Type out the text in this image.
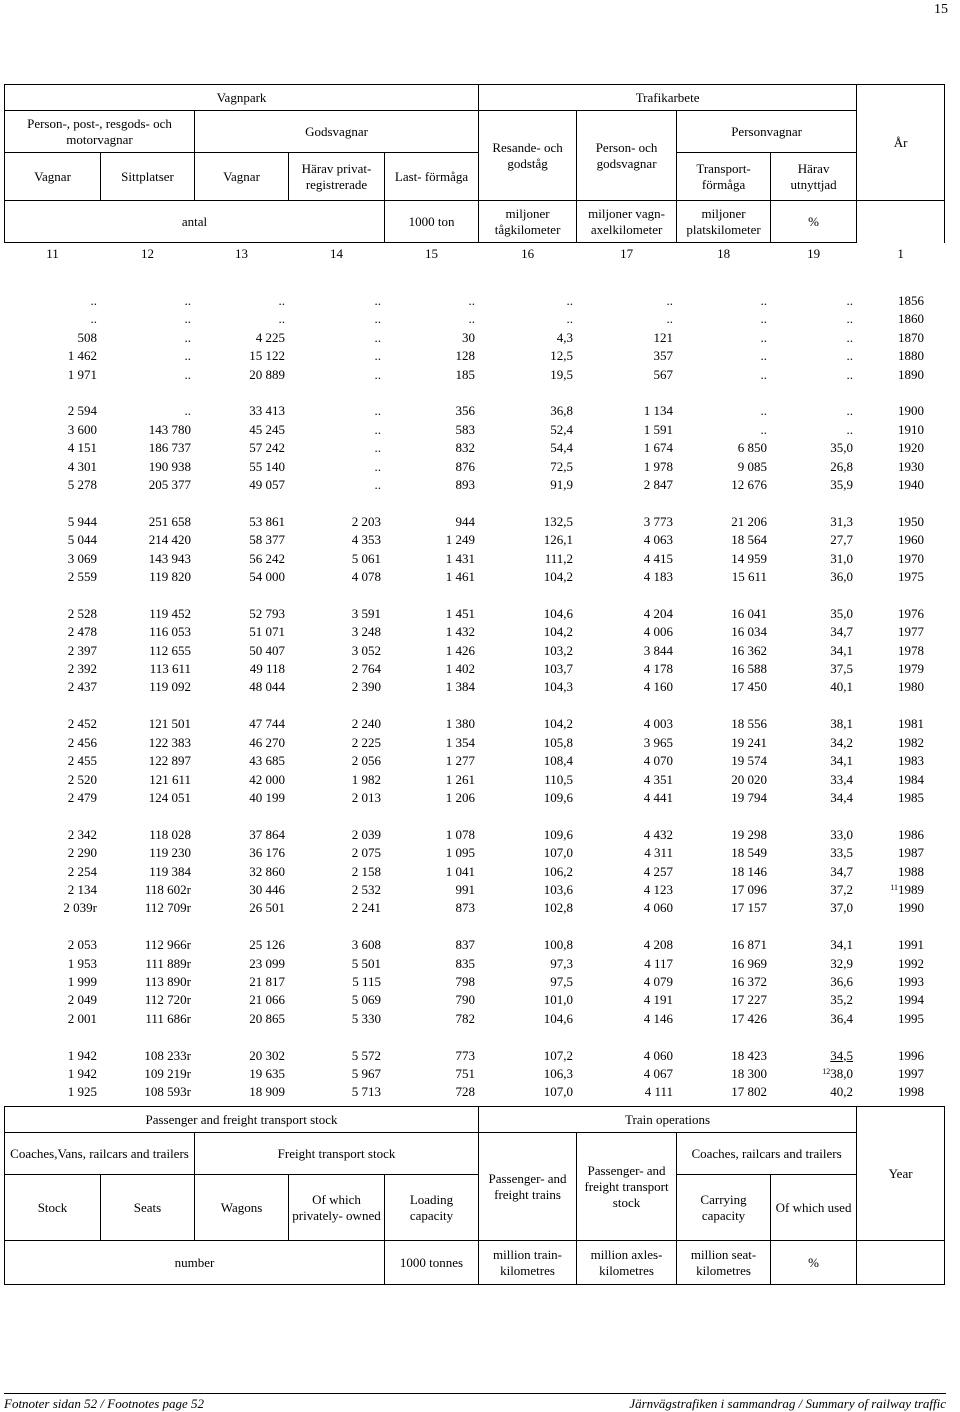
15
Vagnpark					Trafikarbete				År
Person-, post-, resgods- och motorvagnar		Godsvagnar			Resande- och godståg	Person- och godsvagnar	Personvagnar		
Vagnar	Sittplatser	Vagnar	Härav privat- registrerade	Last- förmåga			Transport- förmåga	Härav utnyttjad	
antal				1000 ton	miljoner tågkilometer	miljoner vagn- axelkilometer	miljoner platskilometer	%	
11	12	13	14	15	16	17	18	19	1
..	..	..	..	..	..	..	..	..	1856
..	..	..	..	..	..	..	..	..	1860
508	..	4 225	..	30	4,3	121	..	..	1870
1 462	..	15 122	..	128	12,5	357	..	..	1880
1 971	..	20 889	..	185	19,5	567	..	..	1890

2 594	..	33 413	..	356	36,8	1 134	..	..	1900
3 600	143 780	45 245	..	583	52,4	1 591	..	..	1910
4 151	186 737	57 242	..	832	54,4	1 674	6 850	35,0	1920
4 301	190 938	55 140	..	876	72,5	1 978	9 085	26,8	1930
5 278	205 377	49 057	..	893	91,9	2 847	12 676	35,9	1940

5 944	251 658	53 861	2 203	944	132,5	3 773	21 206	31,3	1950
5 044	214 420	58 377	4 353	1 249	126,1	4 063	18 564	27,7	1960
3 069	143 943	56 242	5 061	1 431	111,2	4 415	14 959	31,0	1970
2 559	119 820	54 000	4 078	1 461	104,2	4 183	15 611	36,0	1975

2 528	119 452	52 793	3 591	1 451	104,6	4 204	16 041	35,0	1976
2 478	116 053	51 071	3 248	1 432	104,2	4 006	16 034	34,7	1977
2 397	112 655	50 407	3 052	1 426	103,2	3 844	16 362	34,1	1978
2 392	113 611	49 118	2 764	1 402	103,7	4 178	16 588	37,5	1979
2 437	119 092	48 044	2 390	1 384	104,3	4 160	17 450	40,1	1980

2 452	121 501	47 744	2 240	1 380	104,2	4 003	18 556	38,1	1981
2 456	122 383	46 270	2 225	1 354	105,8	3 965	19 241	34,2	1982
2 455	122 897	43 685	2 056	1 277	108,4	4 070	19 574	34,1	1983
2 520	121 611	42 000	1 982	1 261	110,5	4 351	20 020	33,4	1984
2 479	124 051	40 199	2 013	1 206	109,6	4 441	19 794	34,4	1985

2 342	118 028	37 864	2 039	1 078	109,6	4 432	19 298	33,0	1986
2 290	119 230	36 176	2 075	1 095	107,0	4 311	18 549	33,5	1987
2 254	119 384	32 860	2 158	1 041	106,2	4 257	18 146	34,7	1988
2 134	118 602r	30 446	2 532	991	103,6	4 123	17 096	37,2	$^{11}$1989
2 039r	112 709r	26 501	2 241	873	102,8	4 060	17 157	37,0	1990

2 053	112 966r	25 126	3 608	837	100,8	4 208	16 871	34,1	1991
1 953	111 889r	23 099	5 501	835	97,3	4 117	16 969	32,9	1992
1 999	113 890r	21 817	5 115	798	97,5	4 079	16 372	36,6	1993
2 049	112 720r	21 066	5 069	790	101,0	4 191	17 227	35,2	1994
2 001	111 686r	20 865	5 330	782	104,6	4 146	17 426	36,4	1995

1 942	108 233r	20 302	5 572	773	107,2	4 060	18 423	34,5	1996
1 942	109 219r	19 635	5 967	751	106,3	4 067	18 300	$^{12}$38,0	1997
1 925	108 593r	18 909	5 713	728	107,0	4 111	17 802	40,2	1998
Passenger and freight transport stock					Train operations				Year
Coaches,Vans, railcars and trailers		Freight transport stock			Passenger- and freight trains	Passenger- and freight transport stock	Coaches, railcars and trailers		
Stock	Seats	Wagons	Of which privately- owned	Loading capacity			Carrying capacity	Of which used	
number				1000 tonnes	million train- kilometres	million axles- kilometres	million seat- kilometres	%	
Fotnoter sidan 52 / Footnotes page 52	Järnvägstrafiken i sammandrag / Summary of railway traffic
